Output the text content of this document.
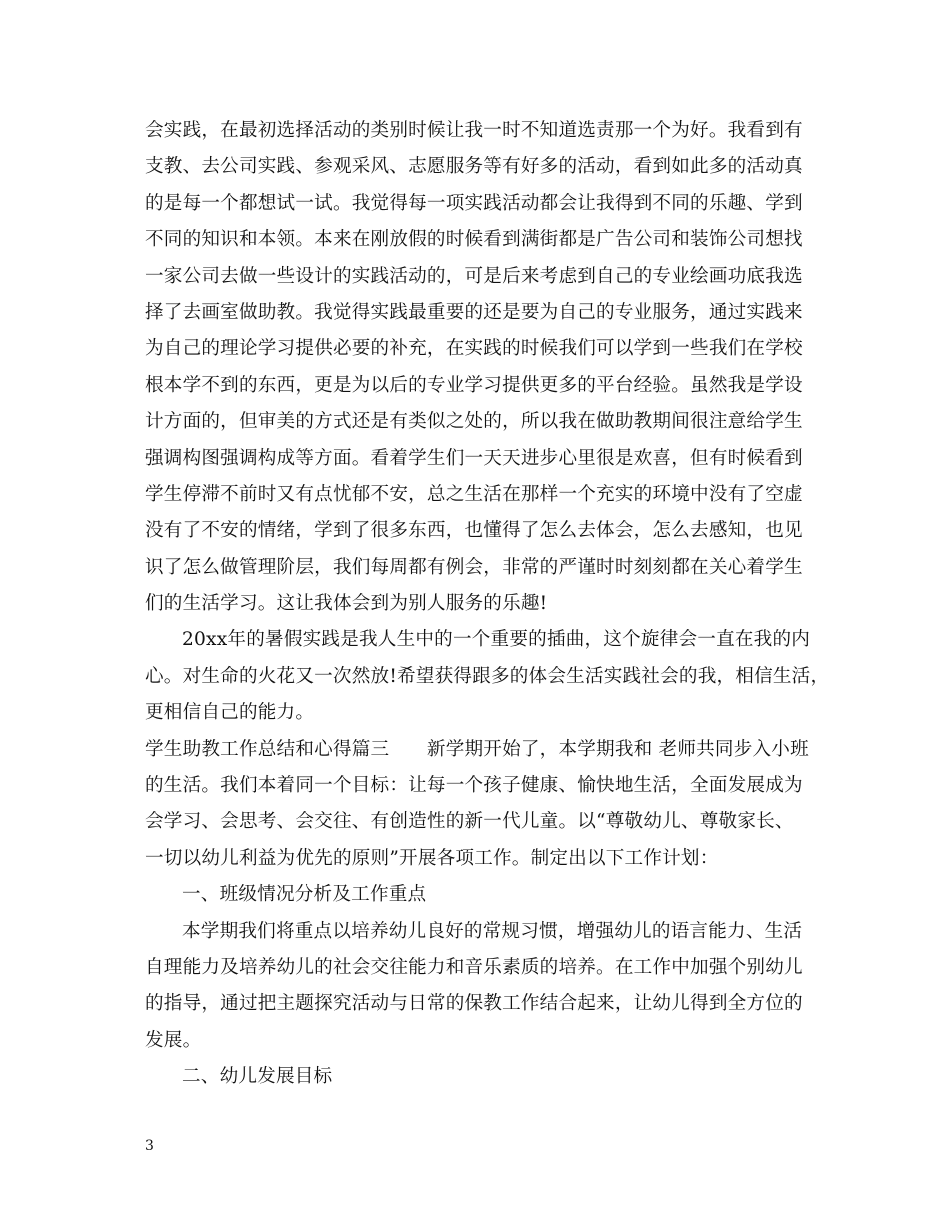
会实践，在最初选择活动的类别时候让我一时不知道选责那一个为好。我看到有
支教、去公司实践、参观采风、志愿服务等有好多的活动，看到如此多的活动真
的是每一个都想试一试。我觉得每一项实践活动都会让我得到不同的乐趣、学到
不同的知识和本领。本来在刚放假的时候看到满街都是广告公司和装饰公司想找
一家公司去做一些设计的实践活动的，可是后来考虑到自己的专业绘画功底我选
择了去画室做助教。我觉得实践最重要的还是要为自己的专业服务，通过实践来
为自己的理论学习提供必要的补充，在实践的时候我们可以学到一些我们在学校
根本学不到的东西，更是为以后的专业学习提供更多的平台经验。虽然我是学设
计方面的，但审美的方式还是有类似之处的，所以我在做助教期间很注意给学生
强调构图强调构成等方面。看着学生们一天天进步心里很是欢喜，但有时候看到
学生停滞不前时又有点忧郁不安，总之生活在那样一个充实的环境中没有了空虚
没有了不安的情绪，学到了很多东西，也懂得了怎么去体会，怎么去感知，也见
识了怎么做管理阶层，我们每周都有例会，非常的严谨时时刻刻都在关心着学生
们的生活学习。这让我体会到为别人服务的乐趣!
20xx年的暑假实践是我人生中的一个重要的插曲，这个旋律会一直在我的内
心。对生命的火花又一次然放!希望获得跟多的体会生活实践社会的我，相信生活，
更相信自己的能力。
学生助教工作总结和心得篇三　　新学期开始了，本学期我和 老师共同步入小班
的生活。我们本着同一个目标：让每一个孩子健康、愉快地生活，全面发展成为
会学习、会思考、会交往、有创造性的新一代儿童。以“尊敬幼儿、尊敬家长、
一切以幼儿利益为优先的原则”开展各项工作。制定出以下工作计划：
一、班级情况分析及工作重点
本学期我们将重点以培养幼儿良好的常规习惯，增强幼儿的语言能力、生活
自理能力及培养幼儿的社会交往能力和音乐素质的培养。在工作中加强个别幼儿
的指导，通过把主题探究活动与日常的保教工作结合起来，让幼儿得到全方位的
发展。
二、幼儿发展目标
3
